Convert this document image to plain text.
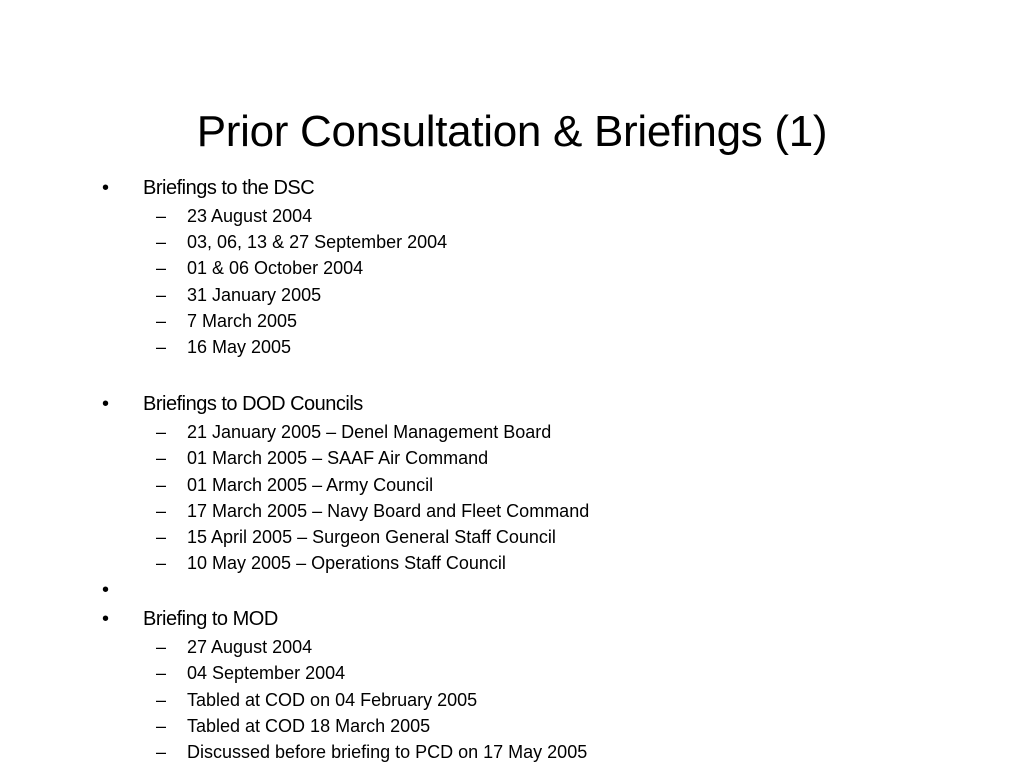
Prior Consultation & Briefings (1)
• Briefings to the DSC
– 23 August 2004
– 03, 06, 13 & 27 September 2004
– 01 & 06 October 2004
– 31 January 2005
– 7 March 2005
– 16 May 2005
• Briefings to DOD Councils
– 21 January 2005 – Denel Management Board
– 01 March 2005 – SAAF Air Command
– 01 March 2005 – Army Council
– 17 March 2005 – Navy Board and Fleet Command
– 15 April 2005 – Surgeon General Staff Council
– 10 May 2005 – Operations Staff Council
•
• Briefing to MOD
– 27 August 2004
– 04 September 2004
– Tabled at COD on 04 February 2005
– Tabled at COD 18 March 2005
– Discussed before briefing to PCD on 17 May 2005
